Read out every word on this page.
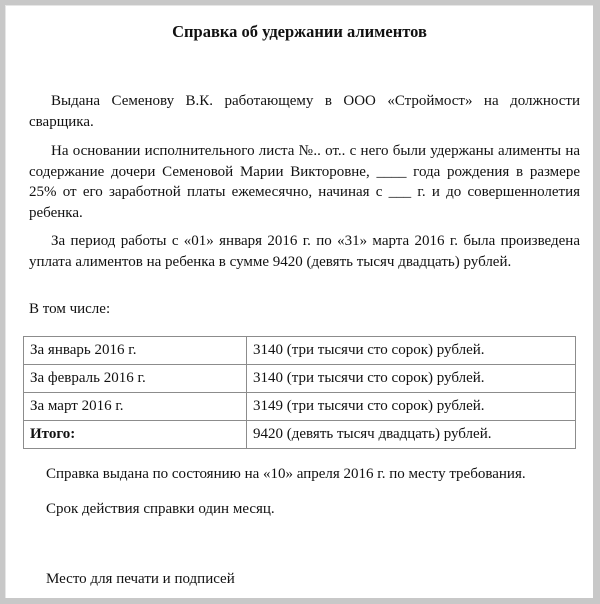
Справка об удержании алиментов

Выдана Семенову В.К. работающему в ООО «Строймост» на должности сварщика.

На основании исполнительного листа №.. от.. с него были удержаны алименты на содержание дочери Семеновой Марии Викторовне, ____ года рождения в размере 25% от его заработной платы ежемесячно, начиная с ___ г. и до совершеннолетия ребенка.

За период работы с «01» января 2016 г. по «31» марта 2016 г. была произведена уплата алиментов на ребенка в сумме 9420 (девять тысяч двадцать) рублей.

В том числе:

За январь 2016 г.	3140 (три тысячи сто сорок) рублей.
За февраль 2016 г.	3140 (три тысячи сто сорок) рублей.
За март 2016 г.	3149 (три тысячи сто сорок) рублей.
Итого:	9420 (девять тысяч двадцать) рублей.

Справка выдана по состоянию на «10» апреля 2016 г. по месту требования.

Срок действия справки один месяц.

Место для печати и подписей
